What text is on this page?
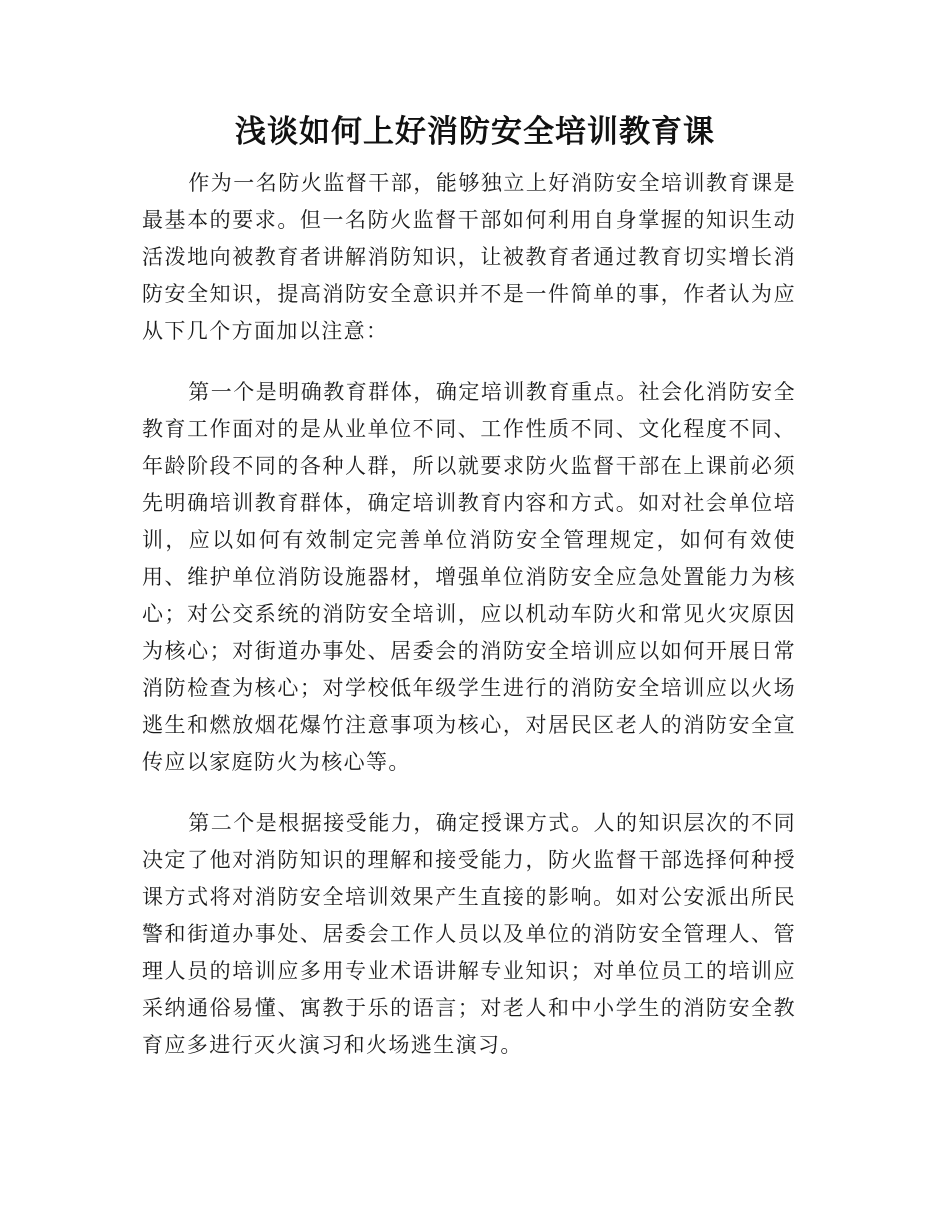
浅谈如何上好消防安全培训教育课

作为一名防火监督干部，能够独立上好消防安全培训教育课是最基本的要求。但一名防火监督干部如何利用自身掌握的知识生动活泼地向被教育者讲解消防知识，让被教育者通过教育切实增长消防安全知识，提高消防安全意识并不是一件简单的事，作者认为应从下几个方面加以注意：

第一个是明确教育群体，确定培训教育重点。社会化消防安全教育工作面对的是从业单位不同、工作性质不同、文化程度不同、年龄阶段不同的各种人群，所以就要求防火监督干部在上课前必须先明确培训教育群体，确定培训教育内容和方式。如对社会单位培训，应以如何有效制定完善单位消防安全管理规定，如何有效使用、维护单位消防设施器材，增强单位消防安全应急处置能力为核心；对公交系统的消防安全培训，应以机动车防火和常见火灾原因为核心；对街道办事处、居委会的消防安全培训应以如何开展日常消防检查为核心；对学校低年级学生进行的消防安全培训应以火场逃生和燃放烟花爆竹注意事项为核心，对居民区老人的消防安全宣传应以家庭防火为核心等。

第二个是根据接受能力，确定授课方式。人的知识层次的不同决定了他对消防知识的理解和接受能力，防火监督干部选择何种授课方式将对消防安全培训效果产生直接的影响。如对公安派出所民警和街道办事处、居委会工作人员以及单位的消防安全管理人、管理人员的培训应多用专业术语讲解专业知识；对单位员工的培训应采纳通俗易懂、寓教于乐的语言；对老人和中小学生的消防安全教育应多进行灭火演习和火场逃生演习。
